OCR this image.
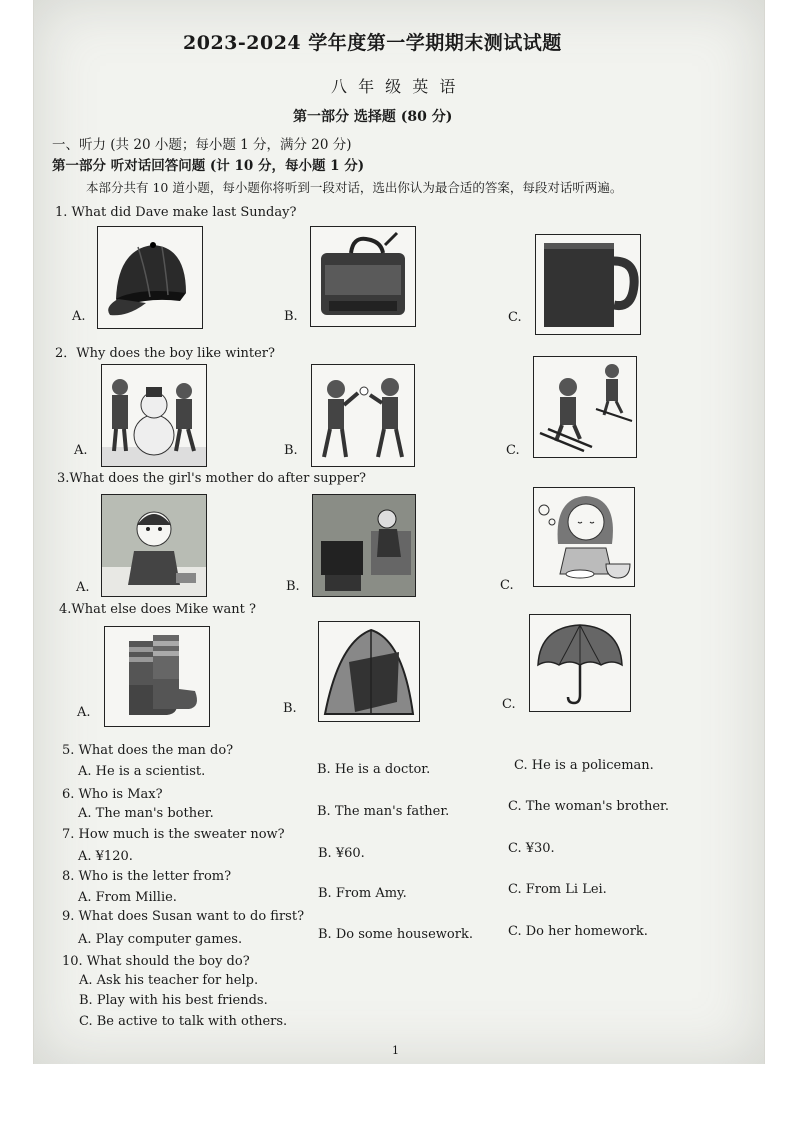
2023-2024 学年度第一学期期末测试试题
八 年 级 英 语
第一部分 选择题 (80 分)
一、听力 (共 20 小题；每小题 1 分，满分 20 分)
第一部分 听对话回答问题 (计 10 分，每小题 1 分)
本部分共有 10 道小题，每小题你将听到一段对话，选出你认为最合适的答案，每段对话听两遍。
1. What did Dave make last Sunday?
A.	B.	C.
2．Why does the boy like winter?
A.	B.	C.
3.What does the girl's mother do after supper?
A.	B.	C.
4.What else does Mike want ?
A.	B.	C.
5. What does the man do?
A. He is a scientist.	B. He is a doctor.	C. He is a policeman.
6. Who is Max?
A. The man's bother.	B. The man's father.	C. The woman's brother.
7. How much is the sweater now?
A. ¥120.	B. ¥60.	C. ¥30.
8. Who is the letter from?
A. From Millie.	B. From Amy.	C. From Li Lei.
9. What does Susan want to do first?
A. Play computer games.	B. Do some housework.	C. Do her homework.
10. What should the boy do?
A. Ask his teacher for help.
B. Play with his best friends.
C. Be active to talk with others.
1
